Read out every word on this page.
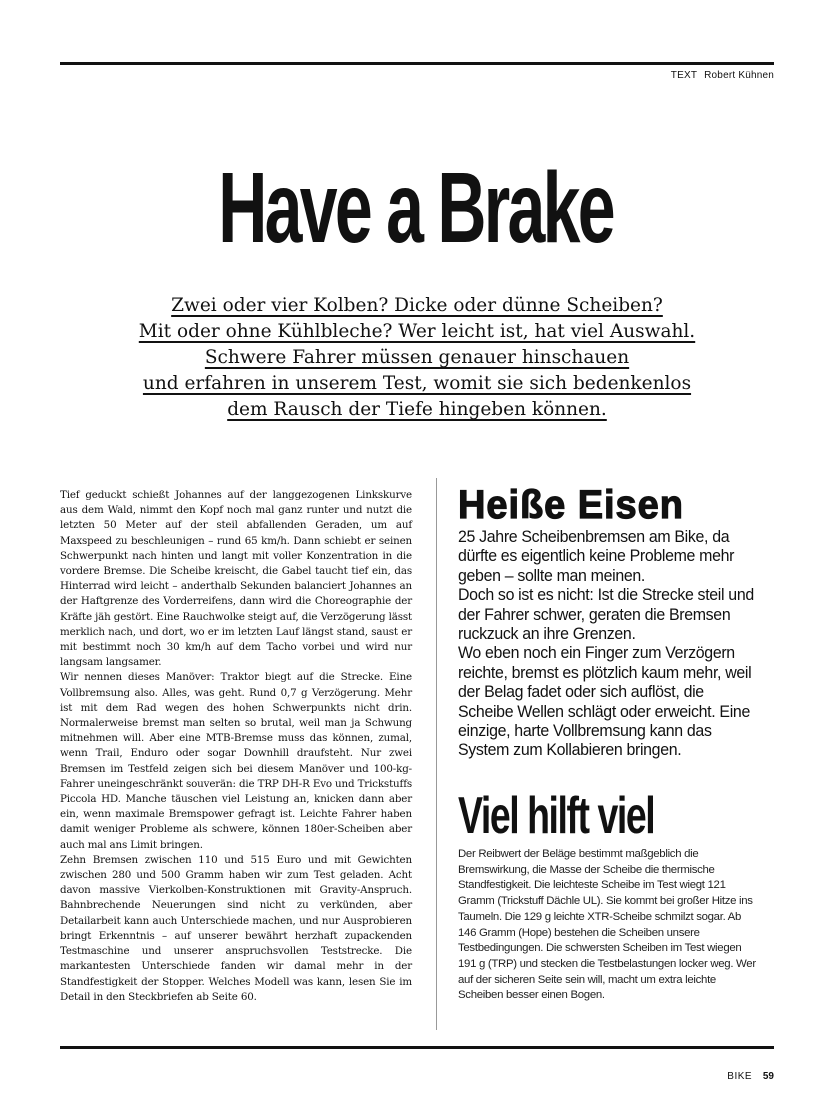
TEXT Robert Kühnen
Have a Brake
Zwei oder vier Kolben? Dicke oder dünne Scheiben?
Mit oder ohne Kühlbleche? Wer leicht ist, hat viel Auswahl.
Schwere Fahrer müssen genauer hinschauen
und erfahren in unserem Test, womit sie sich bedenkenlos
dem Rausch der Tiefe hingeben können.

Tief geduckt schießt Johannes auf der langgezogenen Linkskurve aus dem Wald, nimmt den Kopf noch mal ganz runter und nutzt die letzten 50 Meter auf der steil abfallenden Geraden, um auf Maxspeed zu beschleunigen – rund 65 km/h. Dann schiebt er seinen Schwerpunkt nach hinten und langt mit voller Konzentration in die vordere Bremse. Die Scheibe kreischt, die Gabel taucht tief ein, das Hinterrad wird leicht – anderthalb Sekunden balanciert Johannes an der Haftgrenze des Vorderreifens, dann wird die Choreographie der Kräfte jäh gestört. Eine Rauchwolke steigt auf, die Verzögerung lässt merklich nach, und dort, wo er im letzten Lauf längst stand, saust er mit bestimmt noch 30 km/h auf dem Tacho vorbei und wird nur langsam langsamer.

Wir nennen dieses Manöver: Traktor biegt auf die Strecke. Eine Vollbremsung also. Alles, was geht. Rund 0,7 g Verzögerung. Mehr ist mit dem Rad wegen des hohen Schwerpunkts nicht drin. Normalerweise bremst man selten so brutal, weil man ja Schwung mitnehmen will. Aber eine MTB-Bremse muss das können, zumal, wenn Trail, Enduro oder sogar Downhill draufsteht. Nur zwei Bremsen im Testfeld zeigen sich bei diesem Manöver und 100-kg-Fahrer uneingeschränkt souverän: die TRP DH-R Evo und Trickstuffs Piccola HD. Manche täuschen viel Leistung an, knicken dann aber ein, wenn maximale Bremspower gefragt ist. Leichte Fahrer haben damit weniger Probleme als schwere, können 180er-Scheiben aber auch mal ans Limit bringen.

Zehn Bremsen zwischen 110 und 515 Euro und mit Gewichten zwischen 280 und 500 Gramm haben wir zum Test geladen. Acht davon massive Vierkolben-Konstruktionen mit Gravity-Anspruch. Bahnbrechende Neuerungen sind nicht zu verkünden, aber Detailarbeit kann auch Unterschiede machen, und nur Ausprobieren bringt Erkenntnis – auf unserer bewährt herzhaft zupackenden Testmaschine und unserer anspruchsvollen Teststrecke. Die markantesten Unterschiede fanden wir damal mehr in der Standfestigkeit der Stopper. Welches Modell was kann, lesen Sie im Detail in den Steckbriefen ab Seite 60.

Heiße Eisen

25 Jahre Scheibenbremsen am Bike, da dürfte es eigentlich keine Probleme mehr geben – sollte man meinen.

Doch so ist es nicht: Ist die Strecke steil und der Fahrer schwer, geraten die Bremsen ruckzuck an ihre Grenzen.

Wo eben noch ein Finger zum Verzögern reichte, bremst es plötzlich kaum mehr, weil der Belag fadet oder sich auflöst, die Scheibe Wellen schlägt oder erweicht. Eine einzige, harte Vollbremsung kann das System zum Kollabieren bringen.

Viel hilft viel

Der Reibwert der Beläge bestimmt maßgeblich die Bremswirkung, die Masse der Scheibe die thermische Standfestigkeit. Die leichteste Scheibe im Test wiegt 121 Gramm (Trickstuff Dächle UL). Sie kommt bei großer Hitze ins Taumeln. Die 129 g leichte XTR-Scheibe schmilzt sogar. Ab 146 Gramm (Hope) bestehen die Scheiben unsere Testbedingungen. Die schwersten Scheiben im Test wiegen 191 g (TRP) und stecken die Testbelastungen locker weg. Wer auf der sicheren Seite sein will, macht um extra leichte Scheiben besser einen Bogen.

BIKE 59
